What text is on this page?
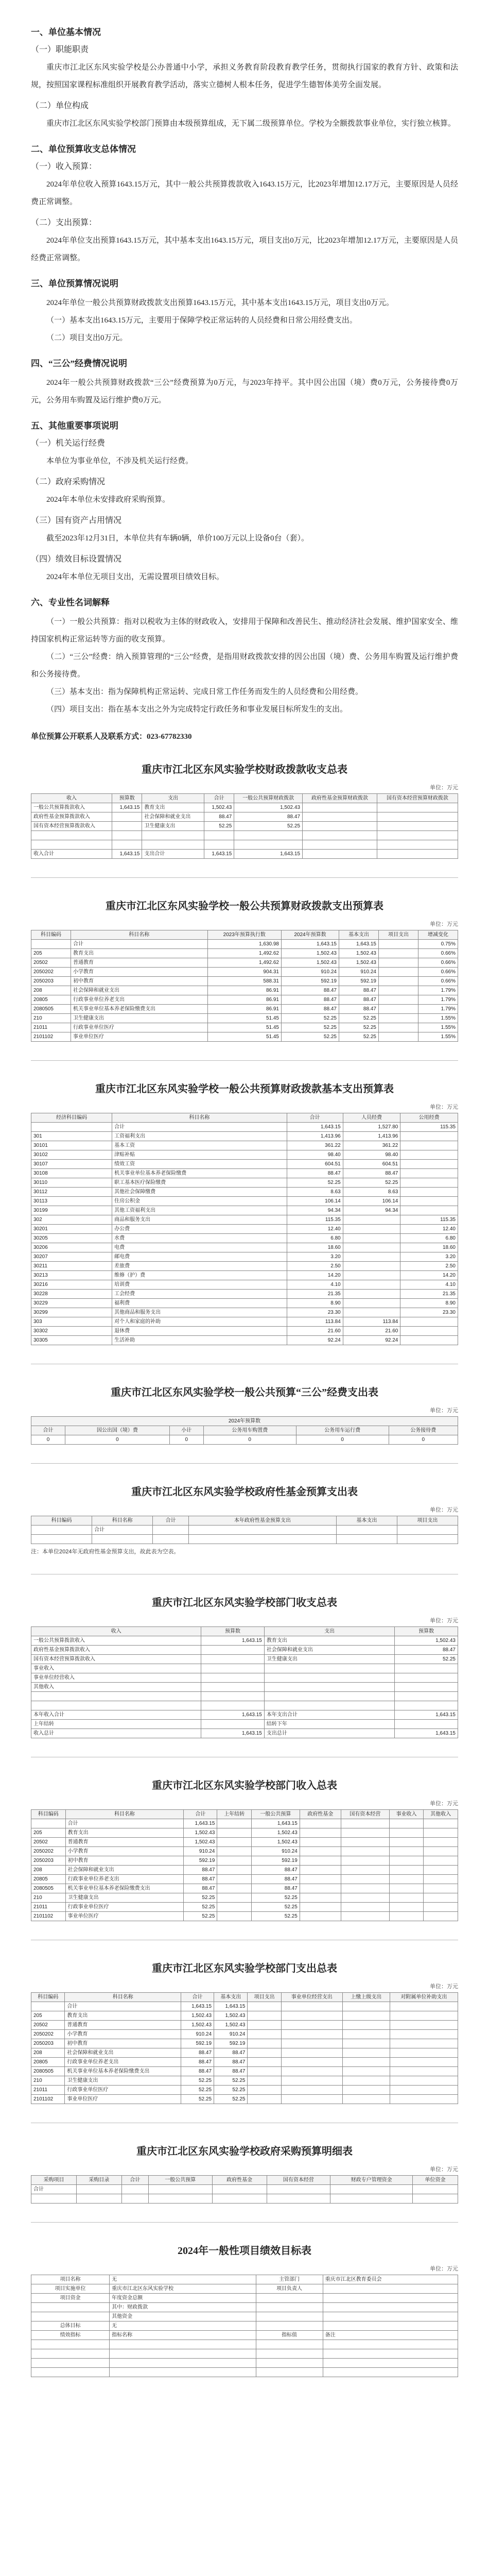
一、单位基本情况
（一）职能职责

重庆市江北区东风实验学校是公办普通中小学，承担义务教育阶段教育教学任务，贯彻执行国家的教育方针、政策和法规，按照国家课程标准组织开展教育教学活动，落实立德树人根本任务，促进学生德智体美劳全面发展。

（二）单位构成

重庆市江北区东风实验学校部门预算由本级预算组成，无下属二级预算单位。学校为全额拨款事业单位，实行独立核算。

二、单位预算收支总体情况
（一）收入预算：

2024年单位收入预算1643.15万元，其中一般公共预算拨款收入1643.15万元，比2023年增加12.17万元，主要原因是人员经费正常调整。

（二）支出预算：

2024年单位支出预算1643.15万元，其中基本支出1643.15万元，项目支出0万元，比2023年增加12.17万元，主要原因是人员经费正常调整。

三、单位预算情况说明

2024年单位一般公共预算财政拨款支出预算1643.15万元，其中基本支出1643.15万元，项目支出0万元。

（一）基本支出1643.15万元，主要用于保障学校正常运转的人员经费和日常公用经费支出。

（二）项目支出0万元。

四、“三公”经费情况说明

2024年一般公共预算财政拨款“三公”经费预算为0万元，与2023年持平。其中因公出国（境）费0万元，公务接待费0万元，公务用车购置及运行维护费0万元。

五、其他重要事项说明
（一）机关运行经费

本单位为事业单位，不涉及机关运行经费。

（二）政府采购情况

2024年本单位未安排政府采购预算。

（三）国有资产占用情况

截至2023年12月31日，本单位共有车辆0辆，单价100万元以上设备0台（套）。

（四）绩效目标设置情况

2024年本单位无项目支出，无需设置项目绩效目标。

六、专业性名词解释

（一）一般公共预算：指对以税收为主体的财政收入，安排用于保障和改善民生、推动经济社会发展、维护国家安全、维持国家机构正常运转等方面的收支预算。

（二）“三公”经费：纳入预算管理的“三公”经费，是指用财政拨款安排的因公出国（境）费、公务用车购置及运行维护费和公务接待费。

（三）基本支出：指为保障机构正常运转、完成日常工作任务而发生的人员经费和公用经费。

（四）项目支出：指在基本支出之外为完成特定行政任务和事业发展目标所发生的支出。

单位预算公开联系人及联系方式：023-67782330
重庆市江北区东风实验学校财政拨款收支总表
单位：万元
收入	预算数	支出	合计	一般公共预算财政拨款	政府性基金预算财政拨款	国有资本经营预算财政拨款
一般公共预算拨款收入	1,643.15	教育支出	1,502.43	1,502.43		
政府性基金预算拨款收入		社会保障和就业支出	88.47	88.47		
国有资本经营预算拨款收入		卫生健康支出	52.25	52.25		

收入合计	1,643.15	支出合计	1,643.15	1,643.15		
重庆市江北区东风实验学校一般公共预算财政拨款支出预算表
单位：万元
科目编码	科目名称	2023年预算执行数	2024年预算数	基本支出	项目支出	增减变化
	合计	1,630.98	1,643.15	1,643.15		0.75%
205	教育支出	1,492.62	1,502.43	1,502.43		0.66%
20502	普通教育	1,492.62	1,502.43	1,502.43		0.66%
2050202	小学教育	904.31	910.24	910.24		0.66%
2050203	初中教育	588.31	592.19	592.19		0.66%
208	社会保障和就业支出	86.91	88.47	88.47		1.79%
20805	行政事业单位养老支出	86.91	88.47	88.47		1.79%
2080505	机关事业单位基本养老保险缴费支出	86.91	88.47	88.47		1.79%
210	卫生健康支出	51.45	52.25	52.25		1.55%
21011	行政事业单位医疗	51.45	52.25	52.25		1.55%
2101102	事业单位医疗	51.45	52.25	52.25		1.55%
重庆市江北区东风实验学校一般公共预算财政拨款基本支出预算表
单位：万元
经济科目编码	科目名称	合计	人员经费	公用经费
	合计	1,643.15	1,527.80	115.35
301	工资福利支出	1,413.96	1,413.96	
30101	基本工资	361.22	361.22	
30102	津贴补贴	98.40	98.40	
30107	绩效工资	604.51	604.51	
30108	机关事业单位基本养老保险缴费	88.47	88.47	
30110	职工基本医疗保险缴费	52.25	52.25	
30112	其他社会保障缴费	8.63	8.63	
30113	住房公积金	106.14	106.14	
30199	其他工资福利支出	94.34	94.34	
302	商品和服务支出	115.35		115.35
30201	办公费	12.40		12.40
30205	水费	6.80		6.80
30206	电费	18.60		18.60
30207	邮电费	3.20		3.20
30211	差旅费	2.50		2.50
30213	维修（护）费	14.20		14.20
30216	培训费	4.10		4.10
30228	工会经费	21.35		21.35
30229	福利费	8.90		8.90
30299	其他商品和服务支出	23.30		23.30
303	对个人和家庭的补助	113.84	113.84	
30302	退休费	21.60	21.60	
30305	生活补助	92.24	92.24	
重庆市江北区东风实验学校一般公共预算“三公”经费支出表
单位：万元
2024年预算数					
合计	因公出国（境）费	小计	公务用车购置费	公务用车运行费	公务接待费
0	0	0	0	0	0
重庆市江北区东风实验学校政府性基金预算支出表
单位：万元
科目编码	科目名称	合计	本年政府性基金预算支出	基本支出	项目支出
	合计				

注：本单位2024年无政府性基金预算支出，故此表为空表。
重庆市江北区东风实验学校部门收支总表
单位：万元
收入	预算数	支出	预算数
一般公共预算拨款收入	1,643.15	教育支出	1,502.43
政府性基金预算拨款收入		社会保障和就业支出	88.47
国有资本经营预算拨款收入		卫生健康支出	52.25
事业收入			
事业单位经营收入			
其他收入			

本年收入合计	1,643.15	本年支出合计	1,643.15
上年结转		结转下年	
收入总计	1,643.15	支出总计	1,643.15
重庆市江北区东风实验学校部门收入总表
单位：万元
科目编码	科目名称	合计	上年结转	一般公共预算	政府性基金	国有资本经营	事业收入	其他收入
	合计	1,643.15		1,643.15				
205	教育支出	1,502.43		1,502.43				
20502	普通教育	1,502.43		1,502.43				
2050202	小学教育	910.24		910.24				
2050203	初中教育	592.19		592.19				
208	社会保障和就业支出	88.47		88.47				
20805	行政事业单位养老支出	88.47		88.47				
2080505	机关事业单位基本养老保险缴费支出	88.47		88.47				
210	卫生健康支出	52.25		52.25				
21011	行政事业单位医疗	52.25		52.25				
2101102	事业单位医疗	52.25		52.25				
重庆市江北区东风实验学校部门支出总表
单位：万元
科目编码	科目名称	合计	基本支出	项目支出	事业单位经营支出	上缴上级支出	对附属单位补助支出
	合计	1,643.15	1,643.15				
205	教育支出	1,502.43	1,502.43				
20502	普通教育	1,502.43	1,502.43				
2050202	小学教育	910.24	910.24				
2050203	初中教育	592.19	592.19				
208	社会保障和就业支出	88.47	88.47				
20805	行政事业单位养老支出	88.47	88.47				
2080505	机关事业单位基本养老保险缴费支出	88.47	88.47				
210	卫生健康支出	52.25	52.25				
21011	行政事业单位医疗	52.25	52.25				
2101102	事业单位医疗	52.25	52.25				
重庆市江北区东风实验学校政府采购预算明细表
单位：万元
采购项目	采购目录	合计	一般公共预算	政府性基金	国有资本经营	财政专户管理资金	单位资金
合计							

2024年一般性项目绩效目标表
单位：万元
项目名称	无	主管部门	重庆市江北区教育委员会
项目实施单位	重庆市江北区东风实验学校	项目负责人	
项目资金	年度资金总额		
	其中：财政拨款		
	其他资金		
总体目标	无		
绩效指标	指标名称	指标值	备注
